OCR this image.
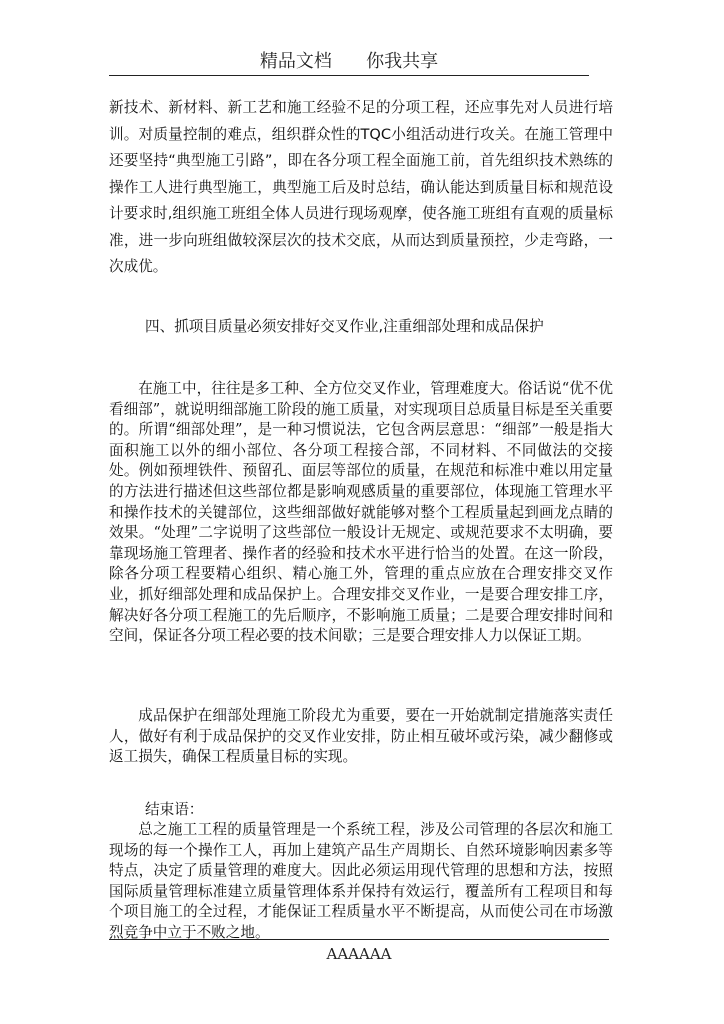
精品文档      你我共享

新技术、新材料、新工艺和施工经验不足的分项工程，还应事先对人员进行培训。对质量控制的难点，组织群众性的TQC小组活动进行攻关。在施工管理中还要坚持“典型施工引路”，即在各分项工程全面施工前，首先组织技术熟练的操作工人进行典型施工，典型施工后及时总结，确认能达到质量目标和规范设计要求时,组织施工班组全体人员进行现场观摩，使各施工班组有直观的质量标准，进一步向班组做较深层次的技术交底，从而达到质量预控，少走弯路，一次成优。

四、抓项目质量必须安排好交叉作业,注重细部处理和成品保护

在施工中，往往是多工种、全方位交叉作业，管理难度大。俗话说“优不优看细部”，就说明细部施工阶段的施工质量，对实现项目总质量目标是至关重要的。所谓“细部处理”，是一种习惯说法，它包含两层意思：“细部”一般是指大面积施工以外的细小部位、各分项工程接合部，不同材料、不同做法的交接处。例如预埋铁件、预留孔、面层等部位的质量，在规范和标准中难以用定量的方法进行描述但这些部位都是影响观感质量的重要部位，体现施工管理水平和操作技术的关键部位，这些细部做好就能够对整个工程质量起到画龙点睛的效果。“处理”二字说明了这些部位一般设计无规定、或规范要求不太明确，要靠现场施工管理者、操作者的经验和技术水平进行恰当的处置。在这一阶段，除各分项工程要精心组织、精心施工外，管理的重点应放在合理安排交叉作业，抓好细部处理和成品保护上。合理安排交叉作业，一是要合理安排工序，解决好各分项工程施工的先后顺序，不影响施工质量；二是要合理安排时间和空间，保证各分项工程必要的技术间歇；三是要合理安排人力以保证工期。

成品保护在细部处理施工阶段尤为重要，要在一开始就制定措施落实责任人，做好有利于成品保护的交叉作业安排，防止相互破坏或污染，减少翻修或返工损失，确保工程质量目标的实现。

结束语：

总之施工工程的质量管理是一个系统工程，涉及公司管理的各层次和施工现场的每一个操作工人，再加上建筑产品生产周期长、自然环境影响因素多等特点，决定了质量管理的难度大。因此必须运用现代管理的思想和方法，按照国际质量管理标准建立质量管理体系并保持有效运行，覆盖所有工程项目和每个项目施工的全过程，才能保证工程质量水平不断提高，从而使公司在市场激烈竞争中立于不败之地。

AAAAAA
